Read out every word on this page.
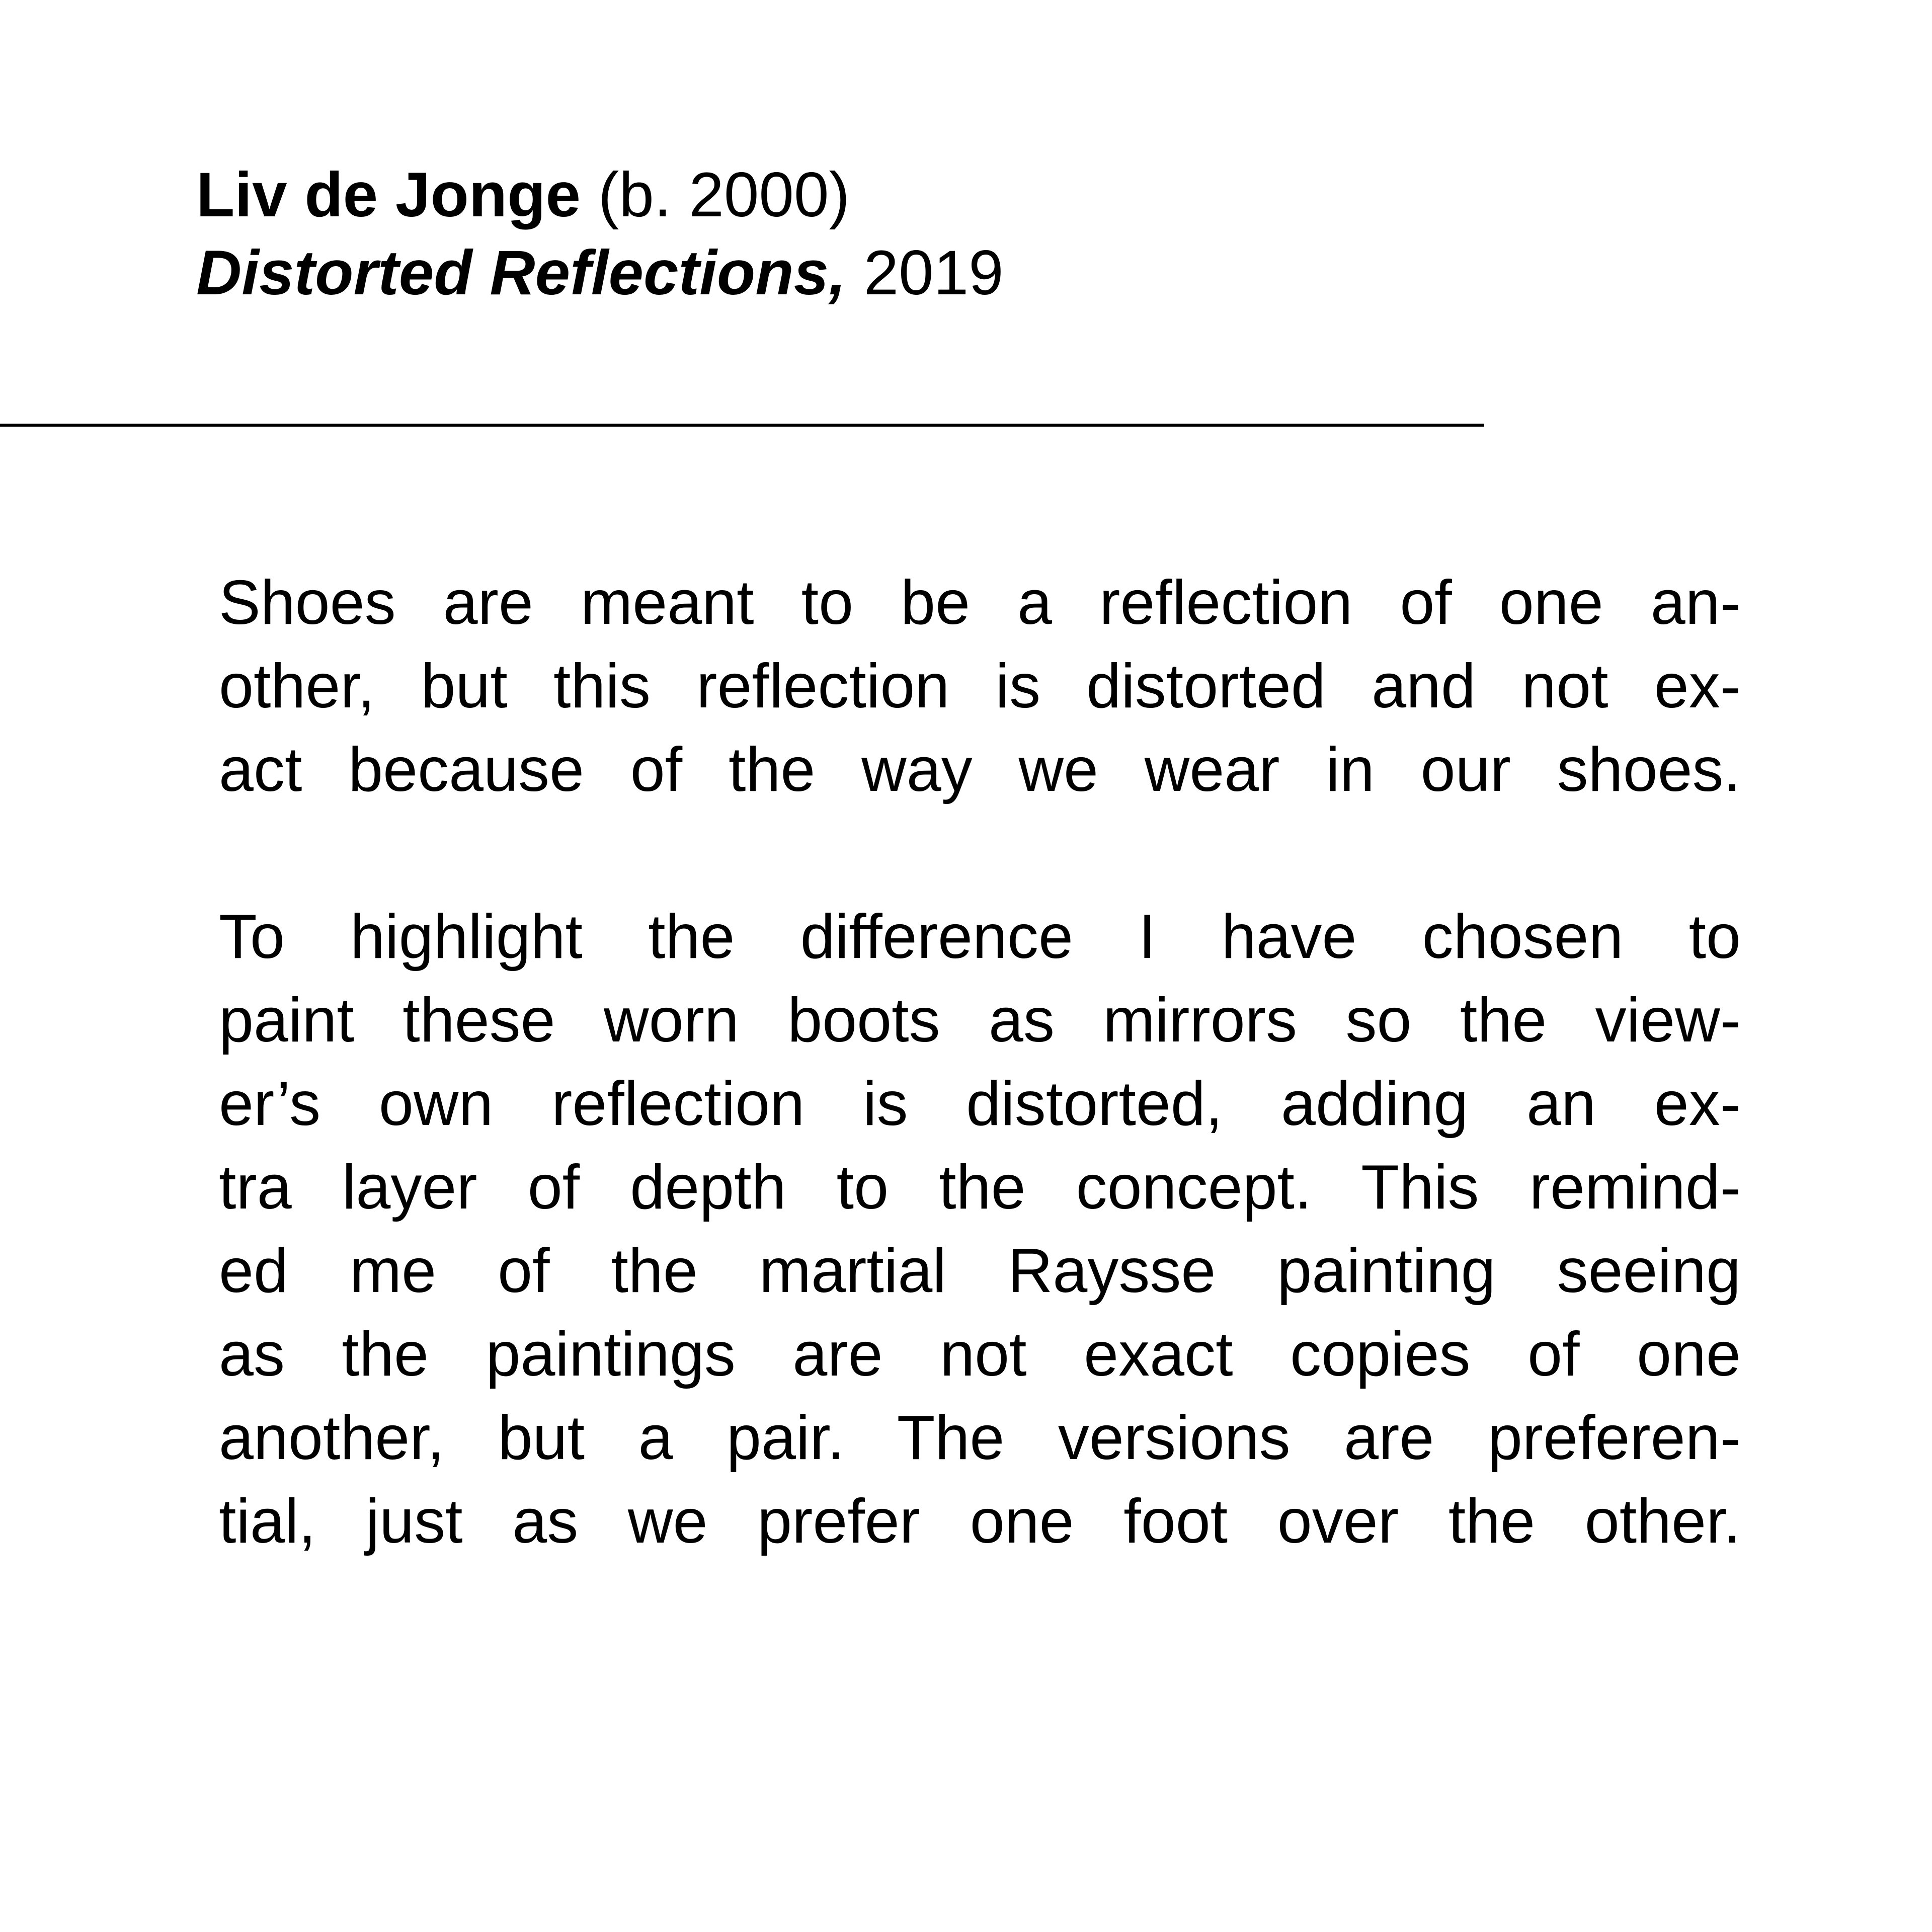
Liv de Jonge (b. 2000)
Distorted Reflections, 2019
Shoes are meant to be a reflection of one an-
other, but this reflection is distorted and not ex-
act because of the way we wear in our shoes.
To highlight the difference I have chosen to
paint these worn boots as mirrors so the view-
er’s own reflection is distorted, adding an ex-
tra layer of depth to the concept. This remind-
ed me of the martial Raysse painting seeing
as the paintings are not exact copies of one
another, but a pair. The versions are preferen-
tial, just as we prefer one foot over the other.
